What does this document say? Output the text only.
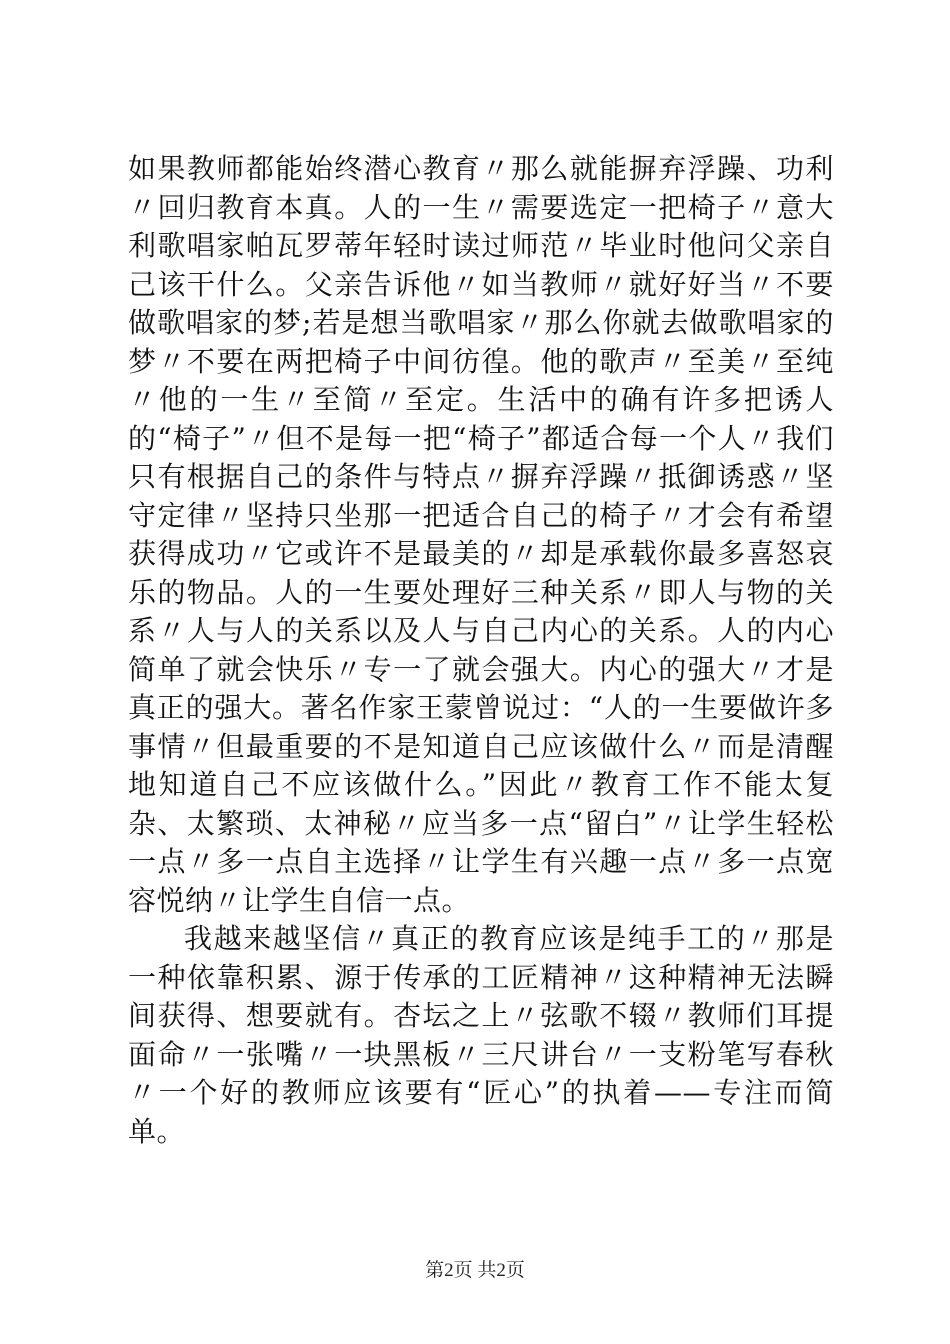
如果教师都能始终潜心教育〃那么就能摒弃浮躁、功利〃回归教育本真。人的一生〃需要选定一把椅子〃意大利歌唱家帕瓦罗蒂年轻时读过师范〃毕业时他问父亲自己该干什么。父亲告诉他〃如当教师〃就好好当〃不要做歌唱家的梦;若是想当歌唱家〃那么你就去做歌唱家的梦〃不要在两把椅子中间彷徨。他的歌声〃至美〃至纯〃他的一生〃至简〃至定。生活中的确有许多把诱人的“椅子”〃但不是每一把“椅子”都适合每一个人〃我们只有根据自己的条件与特点〃摒弃浮躁〃抵御诱惑〃坚守定律〃坚持只坐那一把适合自己的椅子〃才会有希望获得成功〃它或许不是最美的〃却是承载你最多喜怒哀乐的物品。人的一生要处理好三种关系〃即人与物的关系〃人与人的关系以及人与自己内心的关系。人的内心简单了就会快乐〃专一了就会强大。内心的强大〃才是真正的强大。著名作家王蒙曾说过：“人的一生要做许多事情〃但最重要的不是知道自己应该做什么〃而是清醒地知道自己不应该做什么。”因此〃教育工作不能太复杂、太繁琐、太神秘〃应当多一点“留白”〃让学生轻松一点〃多一点自主选择〃让学生有兴趣一点〃多一点宽容悦纳〃让学生自信一点。

我越来越坚信〃真正的教育应该是纯手工的〃那是一种依靠积累、源于传承的工匠精神〃这种精神无法瞬间获得、想要就有。杏坛之上〃弦歌不辍〃教师们耳提面命〃一张嘴〃一块黑板〃三尺讲台〃一支粉笔写春秋〃一个好的教师应该要有“匠心”的执着——专注而简单。

第2页 共2页
